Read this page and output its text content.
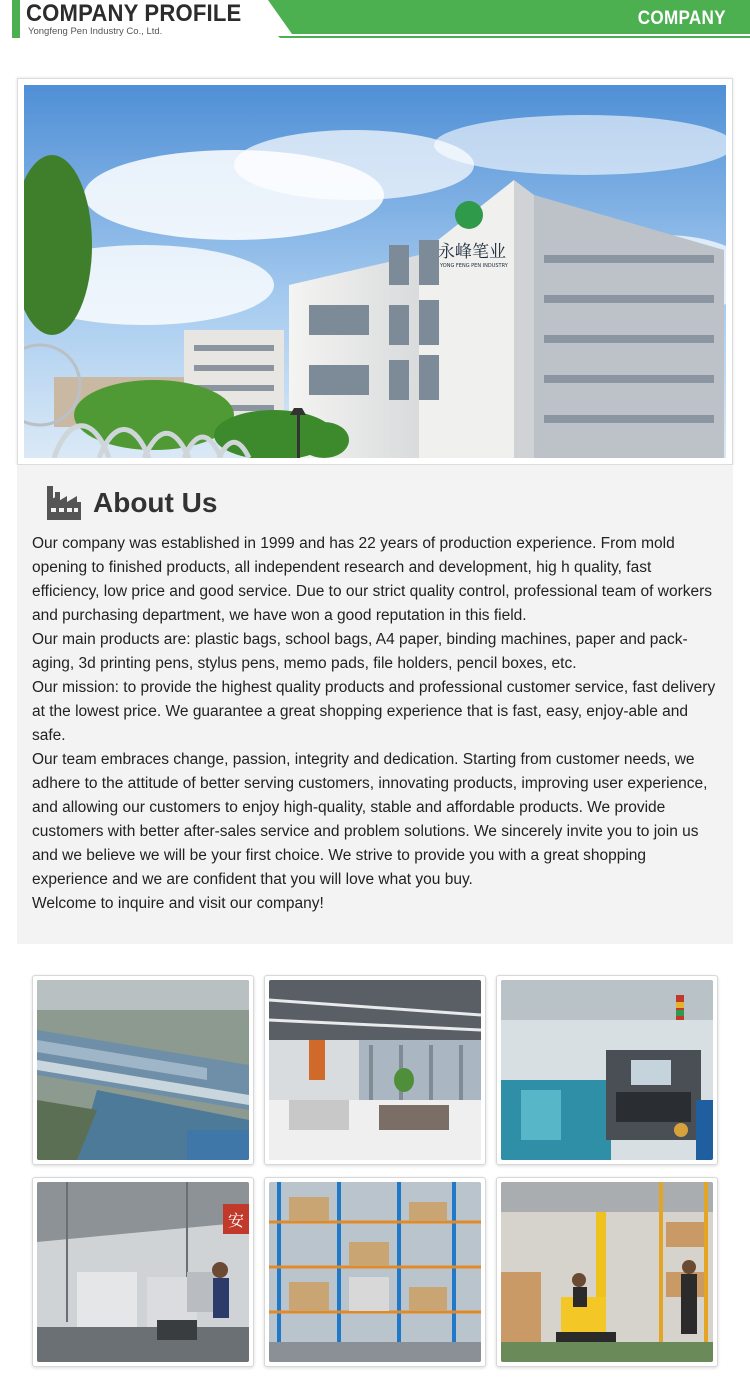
COMPANY PROFILE
Yongfeng Pen Industry Co., Ltd.
COMPANY
永峰笔业
YONG FENG PEN INDUSTRY
About Us

Our company was established in 1999 and has 22 years of production experience. From mold opening to finished products, all independent research and development, hig h quality, fast efficiency, low price and good service. Due to our strict quality control, professional team of workers and purchasing department, we have won a good reputation in this field.

Our main products are: plastic bags, school bags, A4 paper, binding machines, paper and pack-aging, 3d printing pens, stylus pens, memo pads, file holders, pencil boxes, etc.

Our mission: to provide the highest quality products and professional customer service, fast delivery at the lowest price. We guarantee a great shopping experience that is fast, easy, enjoy-able and safe.

Our team embraces change, passion, integrity and dedication. Starting from customer needs, we adhere to the attitude of better serving customers, innovating products, improving user experience, and allowing our customers to enjoy high-quality, stable and affordable products. We provide customers with better after-sales service and problem solutions. We sincerely invite you to join us and we believe we will be your first choice. We strive to provide you with a great shopping experience and we are confident that you will love what you buy.

Welcome to inquire and visit our company!

安
